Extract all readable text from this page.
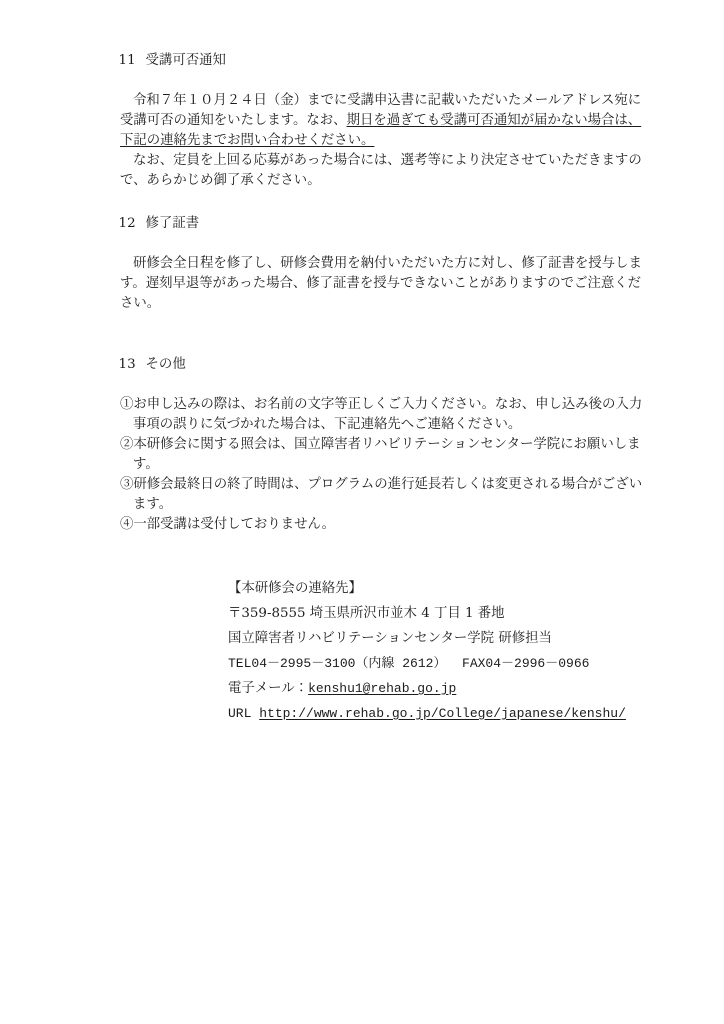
11 受講可否通知

令和７年１０月２４日（金）までに受講申込書に記載いただいたメールアドレス宛に
受講可否の通知をいたします。なお、期日を過ぎても受講可否通知が届かない場合は、
下記の連絡先までお問い合わせください。
なお、定員を上回る応募があった場合には、選考等により決定させていただきますの
で、あらかじめ御了承ください。

12 修了証書

研修会全日程を修了し、研修会費用を納付いただいた方に対し、修了証書を授与しま
す。遅刻早退等があった場合、修了証書を授与できないことがありますのでご注意くだ
さい。

13 その他

①お申し込みの際は、お名前の文字等正しくご入力ください。なお、申し込み後の入力
事項の誤りに気づかれた場合は、下記連絡先へご連絡ください。
②本研修会に関する照会は、国立障害者リハビリテーションセンター学院にお願いしま
す。
③研修会最終日の終了時間は、プログラムの進行延長若しくは変更される場合がござい
ます。
④一部受講は受付しておりません。
【本研修会の連絡先】
〒359-8555 埼玉県所沢市並木 4 丁目 1 番地
国立障害者リハビリテーションセンター学院 研修担当
TEL04－2995－3100（内線 2612）  FAX04－2996－0966
電子メール：kenshu1@rehab.go.jp
URL http://www.rehab.go.jp/College/japanese/kenshu/
